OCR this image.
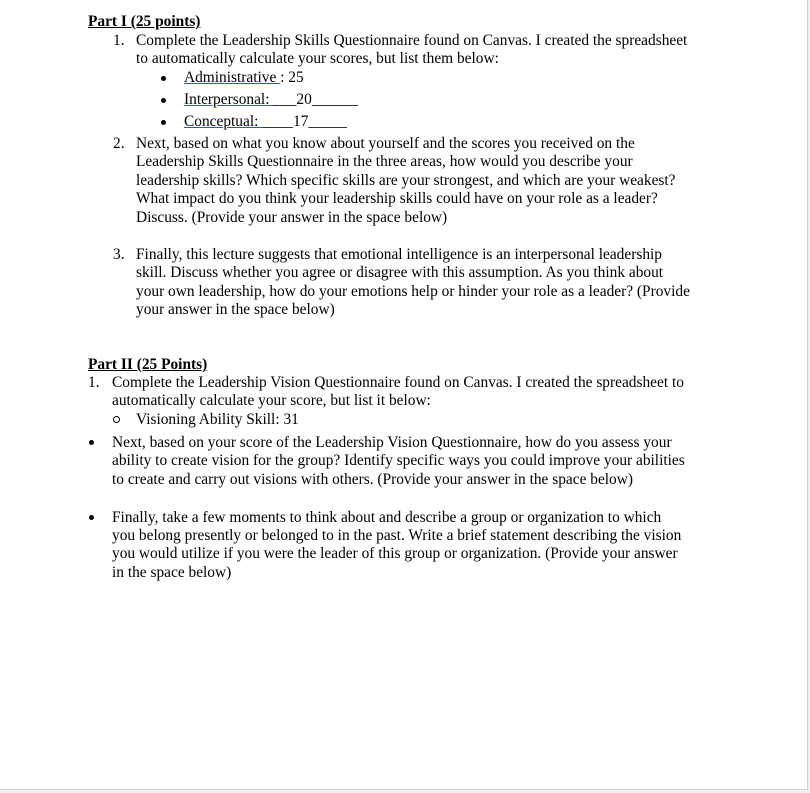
Part I (25 points)
1. Complete the Leadership Skills Questionnaire found on Canvas. I created the spreadsheet
to automatically calculate your scores, but list them below:
Administrative : 25
Interpersonal: ___20______
Conceptual: ____17_____
2. Next, based on what you know about yourself and the scores you received on the
Leadership Skills Questionnaire in the three areas, how would you describe your
leadership skills? Which specific skills are your strongest, and which are your weakest?
What impact do you think your leadership skills could have on your role as a leader?
Discuss. (Provide your answer in the space below)
3. Finally, this lecture suggests that emotional intelligence is an interpersonal leadership
skill. Discuss whether you agree or disagree with this assumption. As you think about
your own leadership, how do your emotions help or hinder your role as a leader? (Provide
your answer in the space below)
Part II (25 Points)
1. Complete the Leadership Vision Questionnaire found on Canvas. I created the spreadsheet to
automatically calculate your score, but list it below:
Visioning Ability Skill: 31
Next, based on your score of the Leadership Vision Questionnaire, how do you assess your
ability to create vision for the group? Identify specific ways you could improve your abilities
to create and carry out visions with others. (Provide your answer in the space below)
Finally, take a few moments to think about and describe a group or organization to which
you belong presently or belonged to in the past. Write a brief statement describing the vision
you would utilize if you were the leader of this group or organization. (Provide your answer
in the space below)
